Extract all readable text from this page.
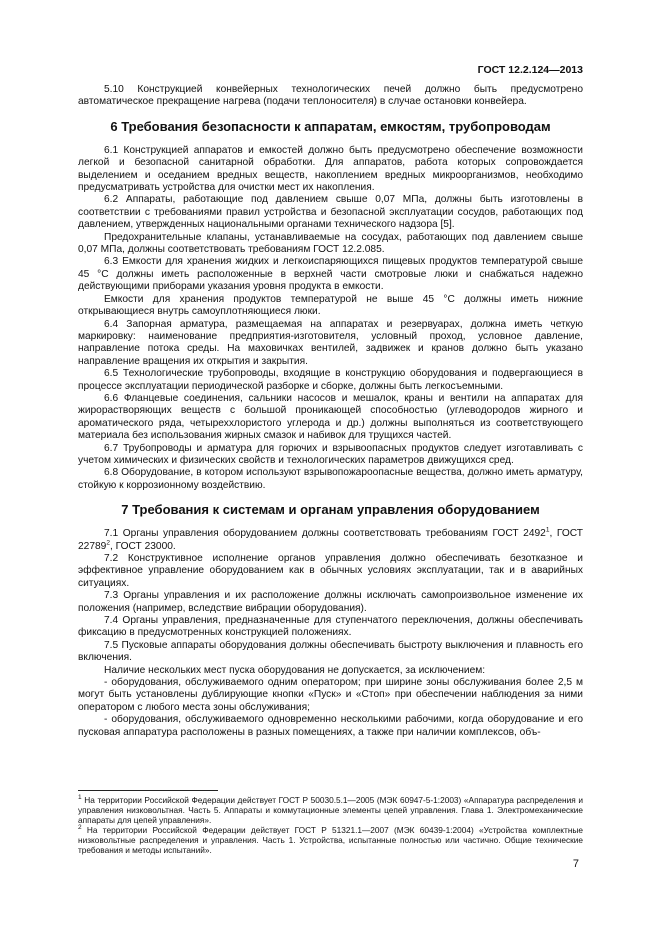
ГОСТ 12.2.124—2013

5.10 Конструкцией конвейерных технологических печей должно быть предусмотрено автоматическое прекращение нагрева (подачи теплоносителя) в случае остановки конвейера.

6 Требования безопасности к аппаратам, емкостям, трубопроводам

6.1 Конструкцией аппаратов и емкостей должно быть предусмотрено обеспечение возможности легкой и безопасной санитарной обработки. Для аппаратов, работа которых сопровождается выделением и оседанием вредных веществ, накоплением вредных микроорганизмов, необходимо предусматривать устройства для очистки мест их накопления.

6.2 Аппараты, работающие под давлением свыше 0,07 МПа, должны быть изготовлены в соответствии с требованиями правил устройства и безопасной эксплуатации сосудов, работающих под давлением, утвержденных национальными органами технического надзора [5].

Предохранительные клапаны, устанавливаемые на сосудах, работающих под давлением свыше 0,07 МПа, должны соответствовать требованиям ГОСТ 12.2.085.

6.3 Емкости для хранения жидких и легкоиспаряющихся пищевых продуктов температурой свыше 45 °С должны иметь расположенные в верхней части смотровые люки и снабжаться надежно действующими приборами указания уровня продукта в емкости.

Емкости для хранения продуктов температурой не выше 45 °С должны иметь нижние открывающиеся внутрь самоуплотняющиеся люки.

6.4 Запорная арматура, размещаемая на аппаратах и резервуарах, должна иметь четкую маркировку: наименование предприятия-изготовителя, условный проход, условное давление, направление потока среды. На маховичках вентилей, задвижек и кранов должно быть указано направление вращения их открытия и закрытия.

6.5 Технологические трубопроводы, входящие в конструкцию оборудования и подвергающиеся в процессе эксплуатации периодической разборке и сборке, должны быть легкосъемными.

6.6 Фланцевые соединения, сальники насосов и мешалок, краны и вентили на аппаратах для жирорастворяющих веществ с большой проникающей способностью (углеводородов жирного и ароматического ряда, четыреххлористого углерода и др.) должны выполняться из соответствующего материала без использования жирных смазок и набивок для трущихся частей.

6.7 Трубопроводы и арматура для горючих и взрывоопасных продуктов следует изготавливать с учетом химических и физических свойств и технологических параметров движущихся сред.

6.8 Оборудование, в котором используют взрывопожароопасные вещества, должно иметь арматуру, стойкую к коррозионному воздействию.

7 Требования к системам и органам управления оборудованием

7.1 Органы управления оборудованием должны соответствовать требованиям ГОСТ 2492$^1$, ГОСТ 22789$^2$, ГОСТ 23000.

7.2 Конструктивное исполнение органов управления должно обеспечивать безотказное и эффективное управление оборудованием как в обычных условиях эксплуатации, так и в аварийных ситуациях.

7.3 Органы управления и их расположение должны исключать самопроизвольное изменение их положения (например, вследствие вибрации оборудования).

7.4 Органы управления, предназначенные для ступенчатого переключения, должны обеспечивать фиксацию в предусмотренных конструкцией положениях.

7.5 Пусковые аппараты оборудования должны обеспечивать быстроту выключения и плавность его включения.

Наличие нескольких мест пуска оборудования не допускается, за исключением:

- оборудования, обслуживаемого одним оператором; при ширине зоны обслуживания более 2,5 м могут быть установлены дублирующие кнопки «Пуск» и «Стоп» при обеспечении наблюдения за ними оператором с любого места зоны обслуживания;

- оборудования, обслуживаемого одновременно несколькими рабочими, когда оборудование и его пусковая аппаратура расположены в разных помещениях, а также при наличии комплексов, объ-

$^1$ На территории Российской Федерации действует ГОСТ Р 50030.5.1—2005 (МЭК 60947-5-1:2003) «Аппаратура распределения и управления низковольтная. Часть 5. Аппараты и коммутационные элементы цепей управления. Глава 1. Электромеханические аппараты для цепей управления».

$^2$ На территории Российской Федерации действует ГОСТ Р 51321.1—2007 (МЭК 60439-1:2004) «Устройства комплектные низковольтные распределения и управления. Часть 1. Устройства, испытанные полностью или частично. Общие технические требования и методы испытаний».

7
